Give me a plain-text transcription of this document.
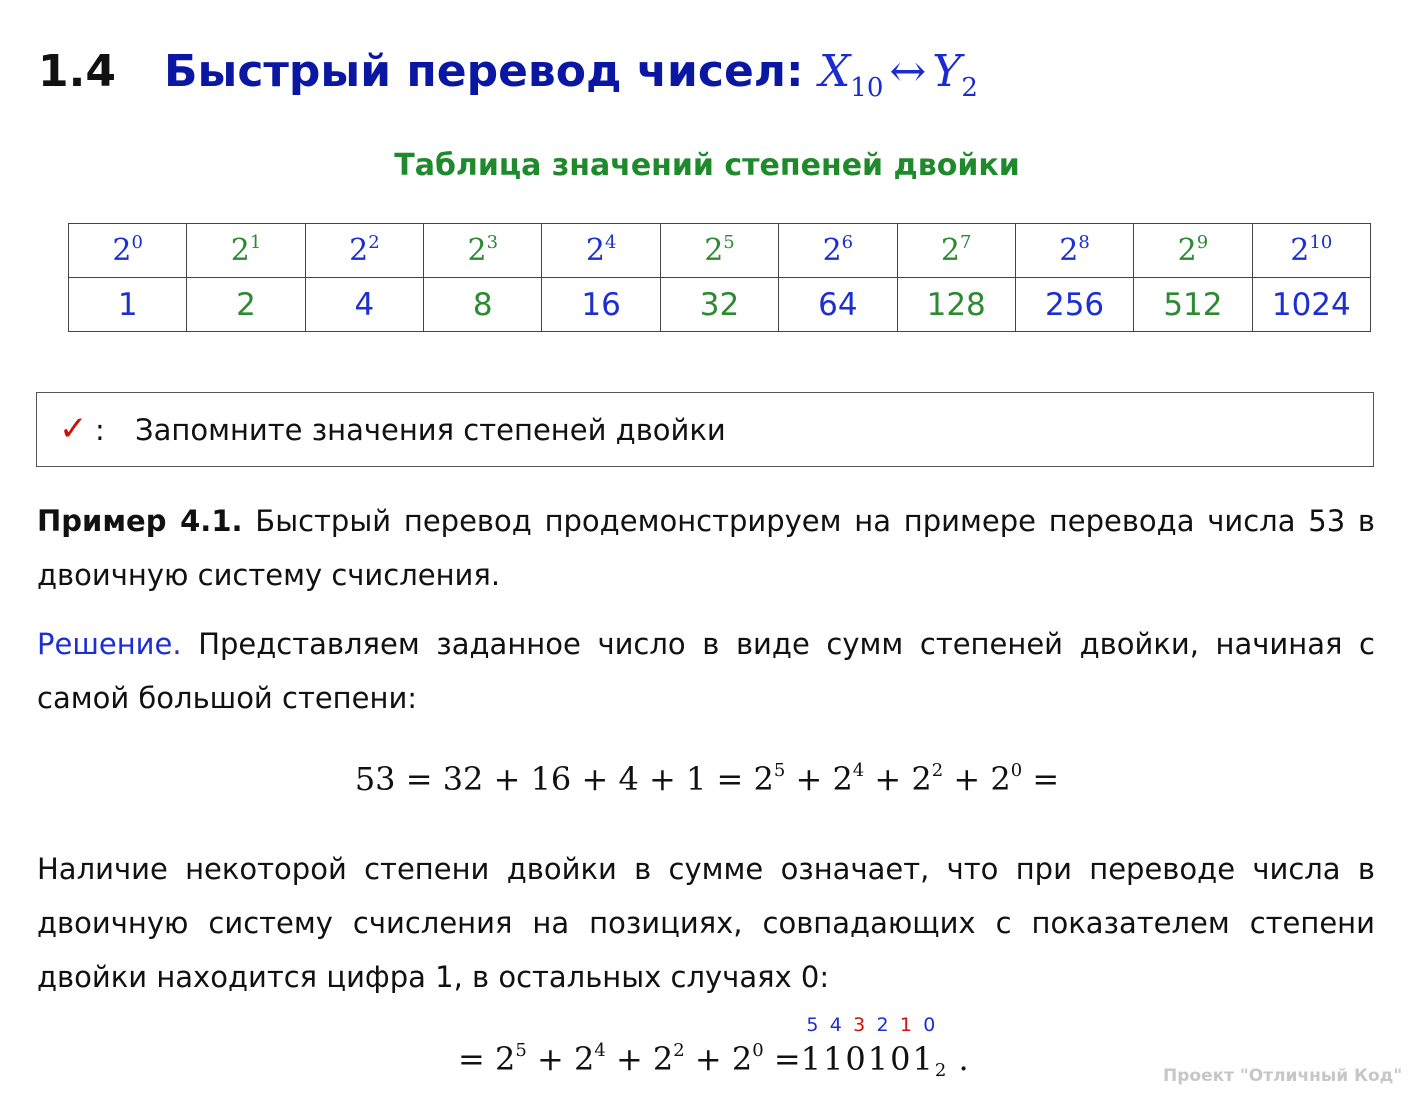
1.4 Быстрый перевод чисел: $X_{10}$ ↔ $Y_2$
Таблица значений степеней двойки
$2^0$	$2^1$	$2^2$	$2^3$	$2^4$	$2^5$	$2^6$	$2^7$	$2^8$	$2^9$	$2^{10}$
1	2	4	8	16	32	64	128	256	512	1024
✓ : Запомните значения степеней двойки
Пример 4.1. Быстрый перевод продемонстрируем на примере перевода числа 53 в двоичную систему счисления.
Решение. Представляем заданное число в виде сумм степеней двойки, начиная с самой большой степени:
$53 = 32 + 16 + 4 + 1 = 2^5 + 2^4 + 2^2 + 2^0$ =
Наличие некоторой степени двойки в сумме означает, что при переводе числа в двоичную систему счисления на позициях, совпадающих с показателем степени двойки находится цифра 1, в остальных случаях 0:
= $2^5 + 2^4 + 2^2 + 2^0$ =
5 4 3 2 1 0
$110101_2$ .	Проект "Отличный Код"
